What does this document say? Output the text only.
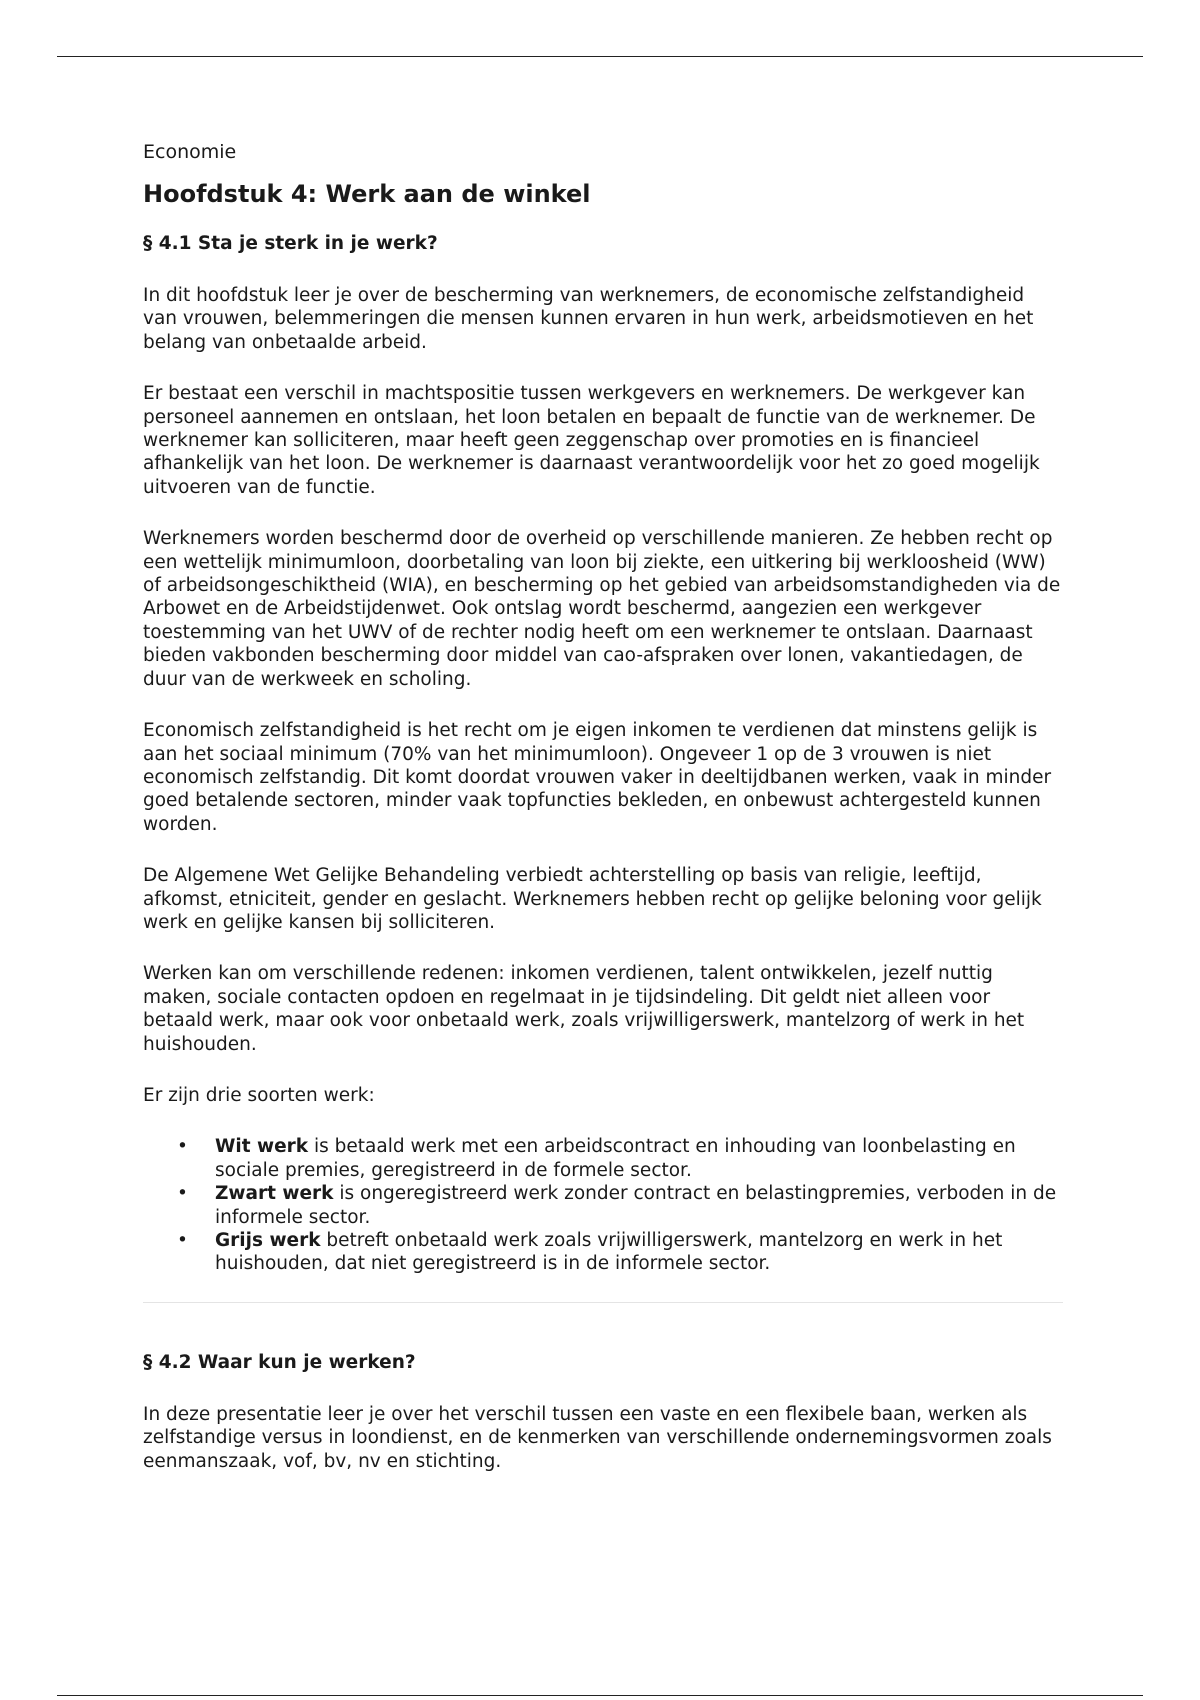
Economie
Hoofdstuk 4: Werk aan de winkel
§ 4.1 Sta je sterk in je werk?

In dit hoofdstuk leer je over de bescherming van werknemers, de economische zelfstandigheid van vrouwen, belemmeringen die mensen kunnen ervaren in hun werk, arbeidsmotieven en het belang van onbetaalde arbeid.

Er bestaat een verschil in machtspositie tussen werkgevers en werknemers. De werkgever kan personeel aannemen en ontslaan, het loon betalen en bepaalt de functie van de werknemer. De werknemer kan solliciteren, maar heeft geen zeggenschap over promoties en is financieel afhankelijk van het loon. De werknemer is daarnaast verantwoordelijk voor het zo goed mogelijk uitvoeren van de functie.

Werknemers worden beschermd door de overheid op verschillende manieren. Ze hebben recht op een wettelijk minimumloon, doorbetaling van loon bij ziekte, een uitkering bij werkloosheid (WW) of arbeidsongeschiktheid (WIA), en bescherming op het gebied van arbeidsomstandigheden via de Arbowet en de Arbeidstijdenwet. Ook ontslag wordt beschermd, aangezien een werkgever toestemming van het UWV of de rechter nodig heeft om een werknemer te ontslaan. Daarnaast bieden vakbonden bescherming door middel van cao-afspraken over lonen, vakantiedagen, de duur van de werkweek en scholing.

Economisch zelfstandigheid is het recht om je eigen inkomen te verdienen dat minstens gelijk is aan het sociaal minimum (70% van het minimumloon). Ongeveer 1 op de 3 vrouwen is niet economisch zelfstandig. Dit komt doordat vrouwen vaker in deeltijdbanen werken, vaak in minder goed betalende sectoren, minder vaak topfuncties bekleden, en onbewust achtergesteld kunnen worden.

De Algemene Wet Gelijke Behandeling verbiedt achterstelling op basis van religie, leeftijd, afkomst, etniciteit, gender en geslacht. Werknemers hebben recht op gelijke beloning voor gelijk werk en gelijke kansen bij solliciteren.

Werken kan om verschillende redenen: inkomen verdienen, talent ontwikkelen, jezelf nuttig maken, sociale contacten opdoen en regelmaat in je tijdsindeling. Dit geldt niet alleen voor betaald werk, maar ook voor onbetaald werk, zoals vrijwilligerswerk, mantelzorg of werk in het huishouden.

Er zijn drie soorten werk:

• Wit werk is betaald werk met een arbeidscontract en inhouding van loonbelasting en sociale premies, geregistreerd in de formele sector.
• Zwart werk is ongeregistreerd werk zonder contract en belastingpremies, verboden in de informele sector.
• Grijs werk betreft onbetaald werk zoals vrijwilligerswerk, mantelzorg en werk in het huishouden, dat niet geregistreerd is in de informele sector.
§ 4.2 Waar kun je werken?

In deze presentatie leer je over het verschil tussen een vaste en een flexibele baan, werken als zelfstandige versus in loondienst, en de kenmerken van verschillende ondernemingsvormen zoals eenmanszaak, vof, bv, nv en stichting.
